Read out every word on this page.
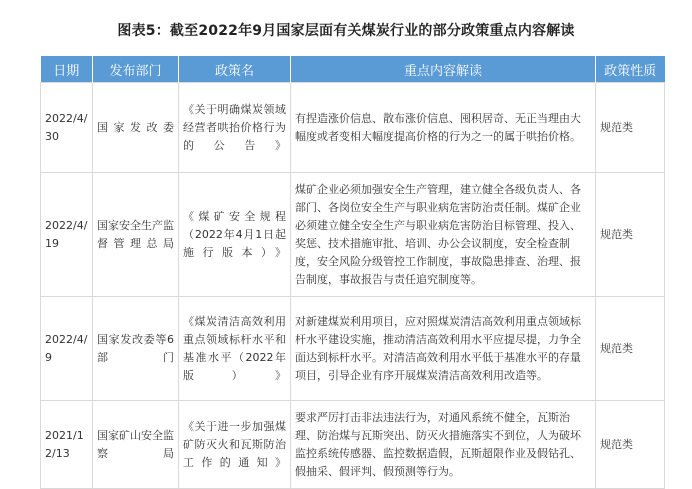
图表5：截至2022年9月国家层面有关煤炭行业的部分政策重点内容解读
日期	发布部门	政策名	重点内容解读	政策性质
2022/4/30	国家发改委	《关于明确煤炭领域经营者哄抬价格行为的公告》	有捏造涨价信息、散布涨价信息、囤积居奇、无正当理由大幅度或者变相大幅度提高价格的行为之一的属于哄抬价格。	规范类
2022/4/19	国家安全生产监督管理总局	《煤矿安全规程（2022年4月1日起施行版本）》	煤矿企业必须加强安全生产管理，建立健全各级负责人、各部门、各岗位安全生产与职业病危害防治责任制。煤矿企业必须建立健全安全生产与职业病危害防治目标管理、投入、奖惩、技术措施审批、培训、办公会议制度，安全检查制度，安全风险分级管控工作制度，事故隐患排查、治理、报告制度，事故报告与责任追究制度等。	规范类
2022/4/9	国家发改委等6部门	《煤炭清洁高效利用重点领域标杆水平和基准水平（2022年版）》	对新建煤炭利用项目，应对照煤炭清洁高效利用重点领域标杆水平建设实施，推动清洁高效利用水平应提尽提，力争全面达到标杆水平。对清洁高效利用水平低于基准水平的存量项目，引导企业有序开展煤炭清洁高效利用改造等。	规范类
2021/12/13	国家矿山安全监察局	《关于进一步加强煤矿防灭火和瓦斯防治工作的通知》	要求严厉打击非法违法行为，对通风系统不健全，瓦斯治理、防治煤与瓦斯突出、防灭火措施落实不到位，人为破坏监控系统传感器、监控数据造假，瓦斯超限作业及假钻孔、假抽采、假评判、假预测等行为。	规范类
